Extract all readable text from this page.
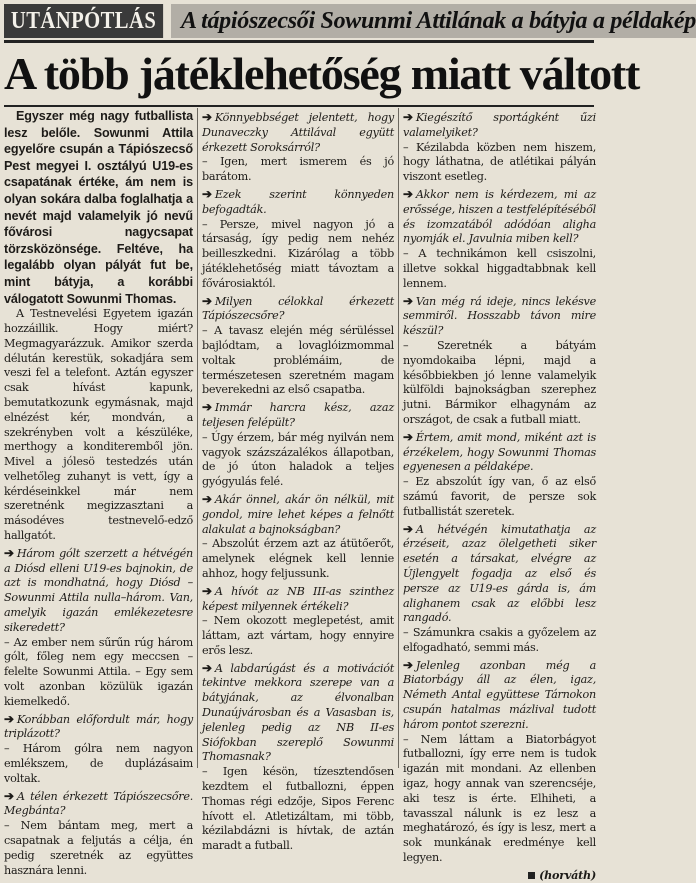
UTÁNPÓTLÁS	A tápiószecsői Sowunmi Attilának a bátyja a példakép
A több játéklehetőség miatt váltott

Egyszer még nagy futballista lesz belőle. Sowunmi Attila egyelőre csupán a Tápiószecső Pest megyei I. osztályú U19-es csapatának értéke, ám nem is olyan sokára dalba foglalhatja a nevét majd valamelyik jó nevű fővárosi nagycsapat törzsközönsége. Feltéve, ha legalább olyan pályát fut be, mint bátyja, a korábbi válogatott Sowunmi Thomas.

A Testnevelési Egyetem igazán hozzáillik. Hogy miért? Megmagyarázzuk. Amikor szerda délután kerestük, sokadjára sem veszi fel a telefont. Aztán egyszer csak hívást kapunk, bemutatkozunk egymásnak, majd elnézést kér, mondván, a szekrényben volt a készüléke, merthogy a konditeremből jön. Mivel a jólesö testedzés után velhetőleg zuhanyt is vett, így a kérdéseinkkel már nem szeretnénk megizzasztani a másodéves testnevelő-edző hallgatót.

➔ Három gólt szerzett a hétvégén a Diósd elleni U19-es bajnokin, de azt is mondhatná, hogy Diósd – Sowunmi Attila nulla–három. Van, amelyik igazán emlékezetesre sikeredett?

– Az ember nem sűrűn rúg három gólt, főleg nem egy meccsen – felelte Sowunmi Attila. – Egy sem volt azonban közülük igazán kiemelkedő.

➔ Korábban előfordult már, hogy triplázott?

– Három gólra nem nagyon emlékszem, de duplázásaim voltak.

➔ A télen érkezett Tápiószecsőre. Megbánta?

– Nem bántam meg, mert a csapatnak a feljutás a célja, én pedig szeretnék az együttes hasznára lenni.

➔ Könnyebbséget jelentett, hogy Dunaveczky Attilával együtt érkezett Soroksárról?

– Igen, mert ismerem és jó barátom.

➔ Ezek szerint könnyeden befogadták.

– Persze, mivel nagyon jó a társaság, így pedig nem nehéz beilleszkedni. Kizárólag a több játéklehetőség miatt távoztam a fővárosiaktól.

➔ Milyen célokkal érkezett Tápiószecsőre?

– A tavasz elején még sérüléssel bajlódtam, a lovaglóizmommal voltak problémáim, de természetesen szeretném magam beverekedni az első csapatba.

➔ Immár harcra kész, azaz teljesen felépült?

– Úgy érzem, bár még nyilván nem vagyok százszázalékos állapotban, de jó úton haladok a teljes gyógyulás felé.

➔ Akár önnel, akár ön nélkül, mit gondol, mire lehet képes a felnőtt alakulat a bajnokságban?

– Abszolút érzem azt az átütőerőt, amelynek elégnek kell lennie ahhoz, hogy feljussunk.

➔ A hívót az NB III-as szinthez képest milyennek értékeli?

– Nem okozott meglepetést, amit láttam, azt vártam, hogy ennyire erős lesz.

➔ A labdarúgást és a motivációt tekintve mekkora szerepe van a bátyjának, az élvonalban Dunaújvárosban és a Vasasban is, jelenleg pedig az NB II-es Siófokban szereplő Sowunmi Thomasnak?

– Igen késön, tízesztendősen kezdtem el futballozni, éppen Thomas régi edzője, Sipos Ferenc hívott el. Atletizáltam, mi több, kézilabdázni is hívtak, de aztán maradt a futball.

➔ Kiegészítő sportágként űzi valamelyiket?

– Kézilabda közben nem hiszem, hogy láthatna, de atlétikai pályán viszont esetleg.

➔ Akkor nem is kérdezem, mi az erőssége, hiszen a testfelépítéséből és izomzatából adódóan aligha nyomják el. Javulnia miben kell?

– A technikámon kell csiszolni, illetve sokkal higgadtabbnak kell lennem.

➔ Van még rá ideje, nincs lekésve semmiről. Hosszabb távon mire készül?

– Szeretnék a bátyám nyomdokaiba lépni, majd a későbbiekben jó lenne valamelyik külföldi bajnokságban szerephez jutni. Bármikor elhagynám az országot, de csak a futball miatt.

➔ Értem, amit mond, miként azt is érzékelem, hogy Sowunmi Thomas egyenesen a példaképe.

– Ez abszolút így van, ő az első számú favorit, de persze sok futballistát szeretek.

➔ A hétvégén kimutathatja az érzéseit, azaz ölelgetheti siker esetén a társakat, elvégre az Újlengyelt fogadja az első és persze az U19-es gárda is, ám alighanem csak az előbbi lesz rangadó.

– Számunkra csakis a győzelem az elfogadható, semmi más.

➔ Jelenleg azonban még a Biatorbágy áll az élen, igaz, Németh Antal együttese Tárnokon csupán hatalmas mázlival tudott három pontot szerezni.

– Nem láttam a Biatorbágyot futballozni, így erre nem is tudok igazán mit mondani. Az ellenben igaz, hogy annak van szerencséje, aki tesz is érte. Elhiheti, a tavasszal nálunk is ez lesz a meghatározó, és így is lesz, mert a sok munkának eredménye kell legyen.

(horváth)
